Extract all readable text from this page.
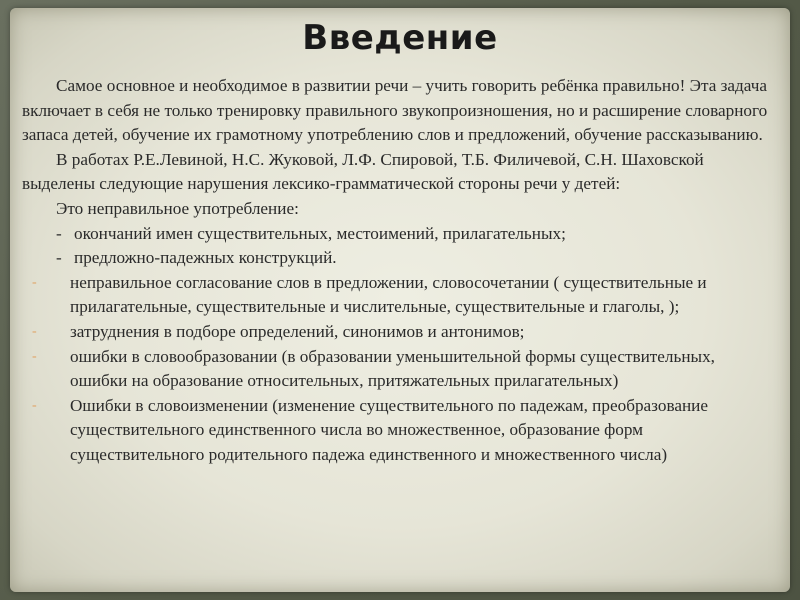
Введение

Самое основное и необходимое в развитии речи – учить говорить ребёнка правильно! Эта задача включает в себя не только тренировку правильного звукопроизношения, но и расширение словарного запаса детей, обучение их грамотному употреблению слов и предложений, обучение рассказыванию.

В работах Р.Е.Левиной, Н.С. Жуковой, Л.Ф. Спировой, Т.Б. Филичевой, С.Н. Шаховской выделены следующие нарушения лексико-грамматической стороны речи у детей:

Это неправильное употребление:

- окончаний имен существительных, местоимений, прилагательных;

- предложно-падежных конструкций.

- неправильное согласование слов в предложении, словосочетании ( существительные и прилагательные, существительные и числительные, существительные и глаголы, );

- затруднения в подборе определений, синонимов и антонимов;

- ошибки в словообразовании (в образовании уменьшительной формы существительных, ошибки на образование относительных, притяжательных прилагательных)

- Ошибки в словоизменении (изменение существительного по падежам, преобразование существительного единственного числа во множественное, образование форм существительного родительного падежа единственного и множественного числа)
